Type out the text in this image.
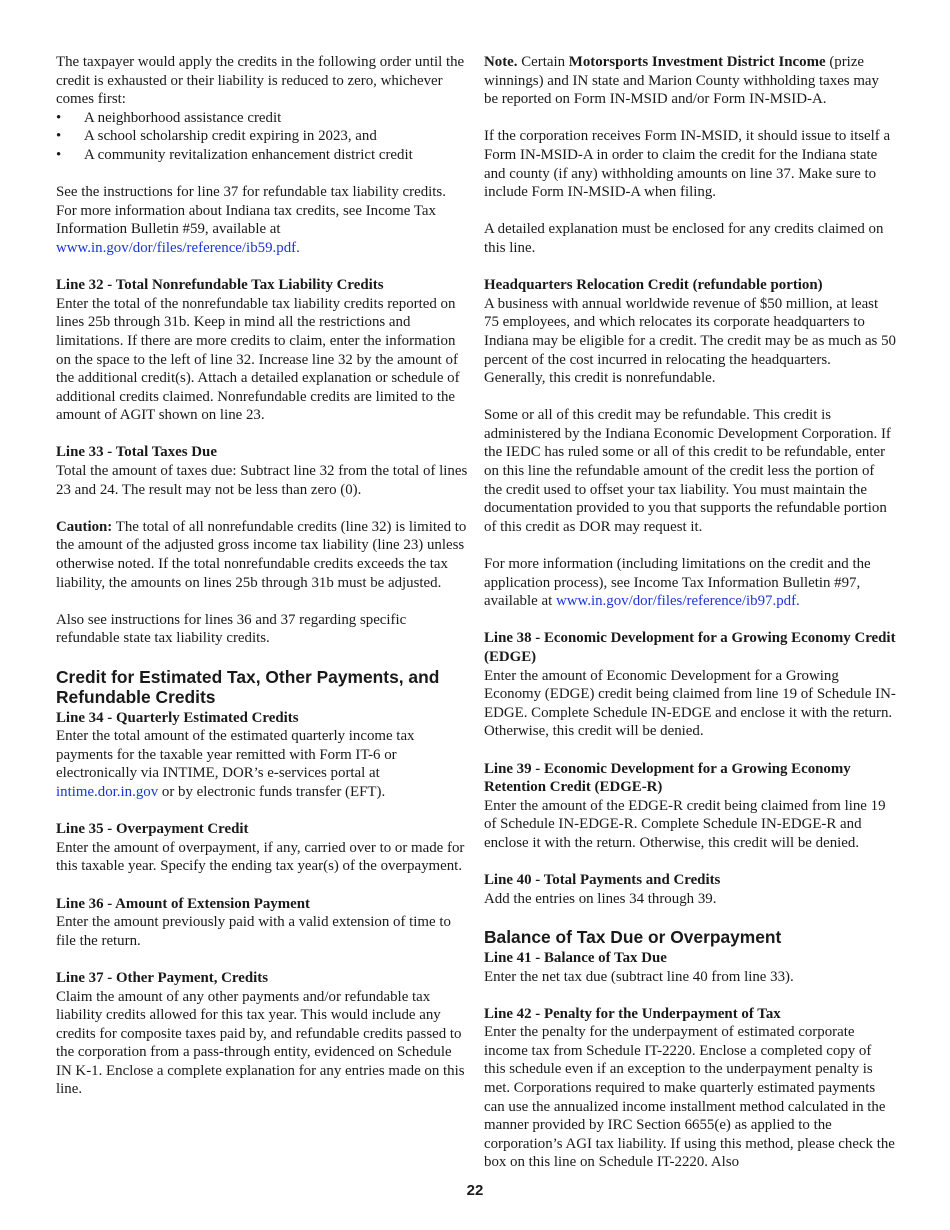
The taxpayer would apply the credits in the following order until the credit is exhausted or their liability is reduced to zero, whichever comes first:

• A neighborhood assistance credit
• A school scholarship credit expiring in 2023, and
• A community revitalization enhancement district credit

See the instructions for line 37 for refundable tax liability credits. For more information about Indiana tax credits, see Income Tax Information Bulletin #59, available at www.in.gov/dor/files/reference/ib59.pdf.

Line 32 - Total Nonrefundable Tax Liability Credits
Enter the total of the nonrefundable tax liability credits reported on lines 25b through 31b. Keep in mind all the restrictions and limitations. If there are more credits to claim, enter the information on the space to the left of line 32. Increase line 32 by the amount of the additional credit(s). Attach a detailed explanation or schedule of additional credits claimed. Nonrefundable credits are limited to the amount of AGIT shown on line 23.

Line 33 - Total Taxes Due
Total the amount of taxes due: Subtract line 32 from the total of lines 23 and 24. The result may not be less than zero (0).

Caution: The total of all nonrefundable credits (line 32) is limited to the amount of the adjusted gross income tax liability (line 23) unless otherwise noted. If the total nonrefundable credits exceeds the tax liability, the amounts on lines 25b through 31b must be adjusted.

Also see instructions for lines 36 and 37 regarding specific refundable state tax liability credits.

Credit for Estimated Tax, Other Payments, and Refundable Credits

Line 34 - Quarterly Estimated Credits
Enter the total amount of the estimated quarterly income tax payments for the taxable year remitted with Form IT-6 or electronically via INTIME, DOR’s e-services portal at intime.dor.in.gov or by electronic funds transfer (EFT).

Line 35 - Overpayment Credit
Enter the amount of overpayment, if any, carried over to or made for this taxable year. Specify the ending tax year(s) of the overpayment.

Line 36 - Amount of Extension Payment
Enter the amount previously paid with a valid extension of time to file the return.

Line 37 - Other Payment, Credits
Claim the amount of any other payments and/or refundable tax liability credits allowed for this tax year. This would include any credits for composite taxes paid by, and refundable credits passed to the corporation from a pass-through entity, evidenced on Schedule IN K-1. Enclose a complete explanation for any entries made on this line.

Note. Certain Motorsports Investment District Income (prize winnings) and IN state and Marion County withholding taxes may be reported on Form IN-MSID and/or Form IN-MSID-A.

If the corporation receives Form IN-MSID, it should issue to itself a Form IN-MSID-A in order to claim the credit for the Indiana state and county (if any) withholding amounts on line 37. Make sure to include Form IN-MSID-A when filing.

A detailed explanation must be enclosed for any credits claimed on this line.

Headquarters Relocation Credit (refundable portion)
A business with annual worldwide revenue of $50 million, at least 75 employees, and which relocates its corporate headquarters to Indiana may be eligible for a credit. The credit may be as much as 50 percent of the cost incurred in relocating the headquarters. Generally, this credit is nonrefundable.

Some or all of this credit may be refundable. This credit is administered by the Indiana Economic Development Corporation. If the IEDC has ruled some or all of this credit to be refundable, enter on this line the refundable amount of the credit less the portion of the credit used to offset your tax liability. You must maintain the documentation provided to you that supports the refundable portion of this credit as DOR may request it.

For more information (including limitations on the credit and the application process), see Income Tax Information Bulletin #97, available at www.in.gov/dor/files/reference/ib97.pdf.

Line 38 - Economic Development for a Growing Economy Credit (EDGE)
Enter the amount of Economic Development for a Growing Economy (EDGE) credit being claimed from line 19 of Schedule IN-EDGE. Complete Schedule IN-EDGE and enclose it with the return. Otherwise, this credit will be denied.

Line 39 - Economic Development for a Growing Economy Retention Credit (EDGE-R)
Enter the amount of the EDGE-R credit being claimed from line 19 of Schedule IN-EDGE-R. Complete Schedule IN-EDGE-R and enclose it with the return. Otherwise, this credit will be denied.

Line 40 - Total Payments and Credits
Add the entries on lines 34 through 39.

Balance of Tax Due or Overpayment

Line 41 - Balance of Tax Due
Enter the net tax due (subtract line 40 from line 33).

Line 42 - Penalty for the Underpayment of Tax
Enter the penalty for the underpayment of estimated corporate income tax from Schedule IT-2220. Enclose a completed copy of this schedule even if an exception to the underpayment penalty is met. Corporations required to make quarterly estimated payments can use the annualized income installment method calculated in the manner provided by IRC Section 6655(e) as applied to the corporation’s AGI tax liability. If using this method, please check the box on this line on Schedule IT-2220. Also

22
